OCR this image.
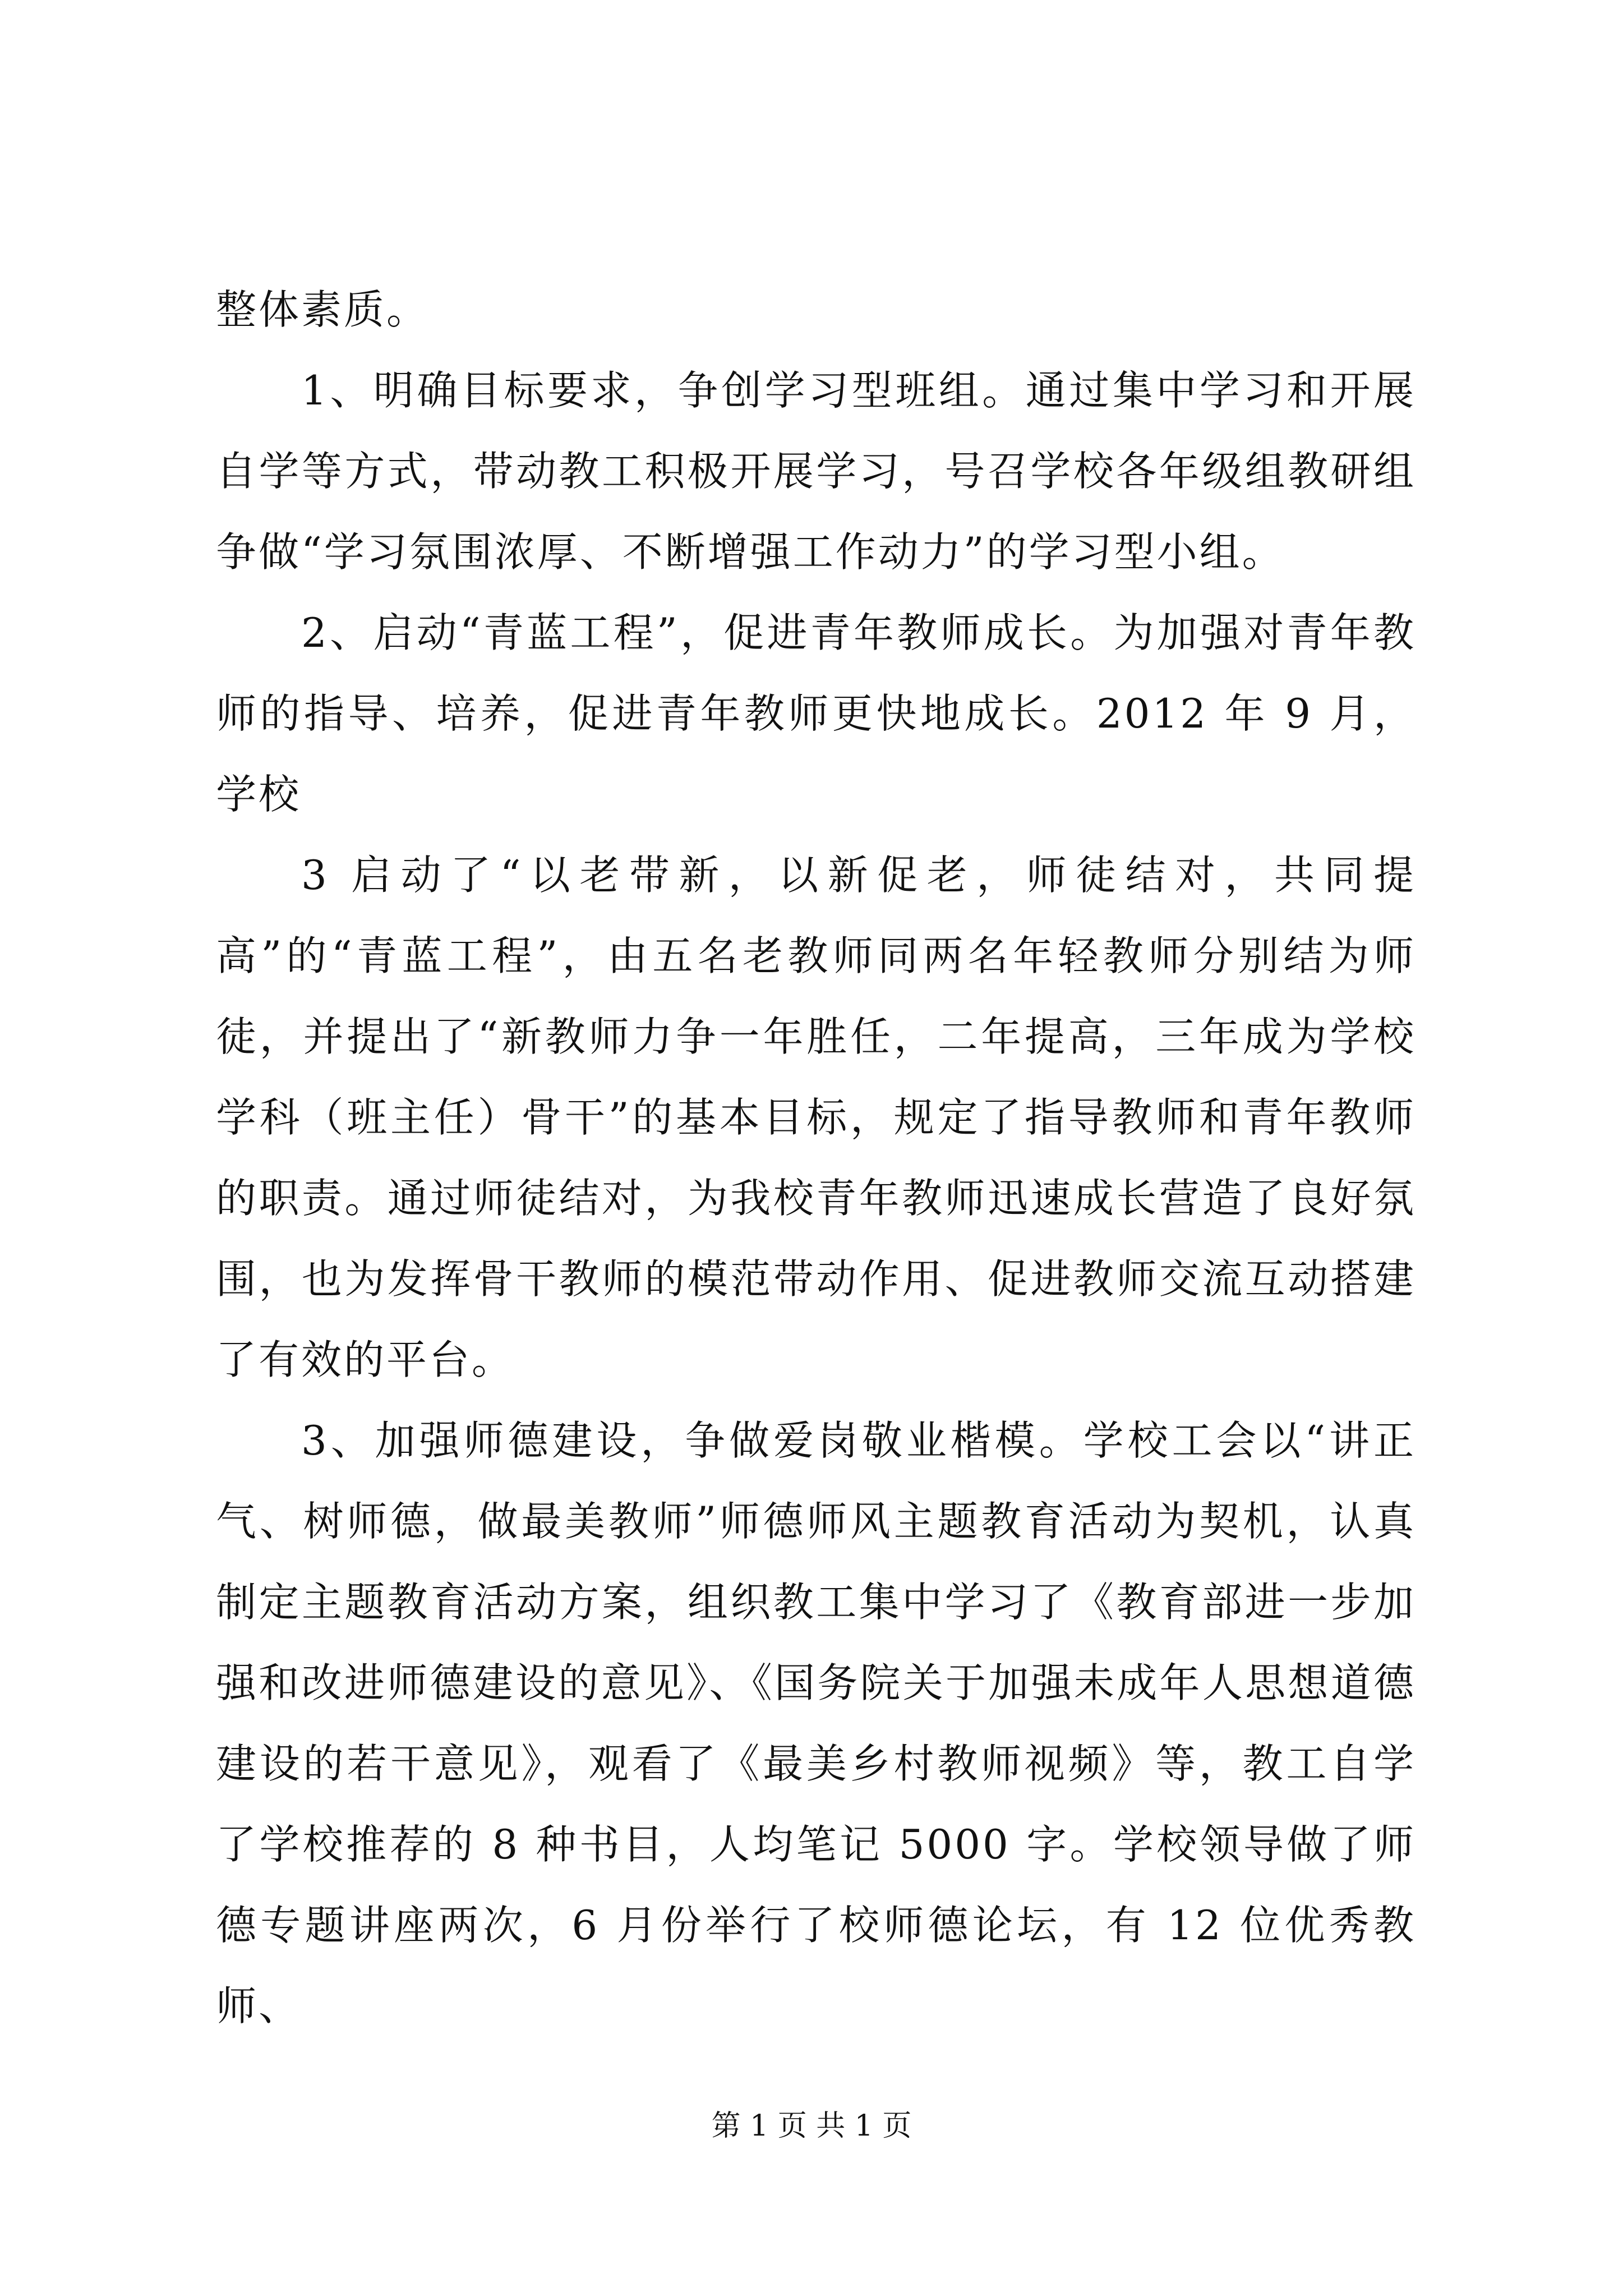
整体素质。

1、明确目标要求，争创学习型班组。通过集中学习和开展自学等方式，带动教工积极开展学习，号召学校各年级组教研组争做“学习氛围浓厚、不断增强工作动力”的学习型小组。

2、启动“青蓝工程”，促进青年教师成长。为加强对青年教师的指导、培养，促进青年教师更快地成长。2012 年 9 月，学校

3 启动了“以老带新，以新促老，师徒结对，共同提高”的“青蓝工程”，由五名老教师同两名年轻教师分别结为师徒，并提出了“新教师力争一年胜任，二年提高，三年成为学校学科（班主任）骨干”的基本目标，规定了指导教师和青年教师的职责。通过师徒结对，为我校青年教师迅速成长营造了良好氛围，也为发挥骨干教师的模范带动作用、促进教师交流互动搭建了有效的平台。

3、加强师德建设，争做爱岗敬业楷模。学校工会以“讲正气、树师德，做最美教师”师德师风主题教育活动为契机，认真制定主题教育活动方案，组织教工集中学习了《教育部进一步加强和改进师德建设的意见》、《国务院关于加强未成年人思想道德建设的若干意见》，观看了《最美乡村教师视频》等，教工自学了学校推荐的 8 种书目，人均笔记 5000 字。学校领导做了师德专题讲座两次，6 月份举行了校师德论坛，有 12 位优秀教师、

第 1 页 共 1 页
